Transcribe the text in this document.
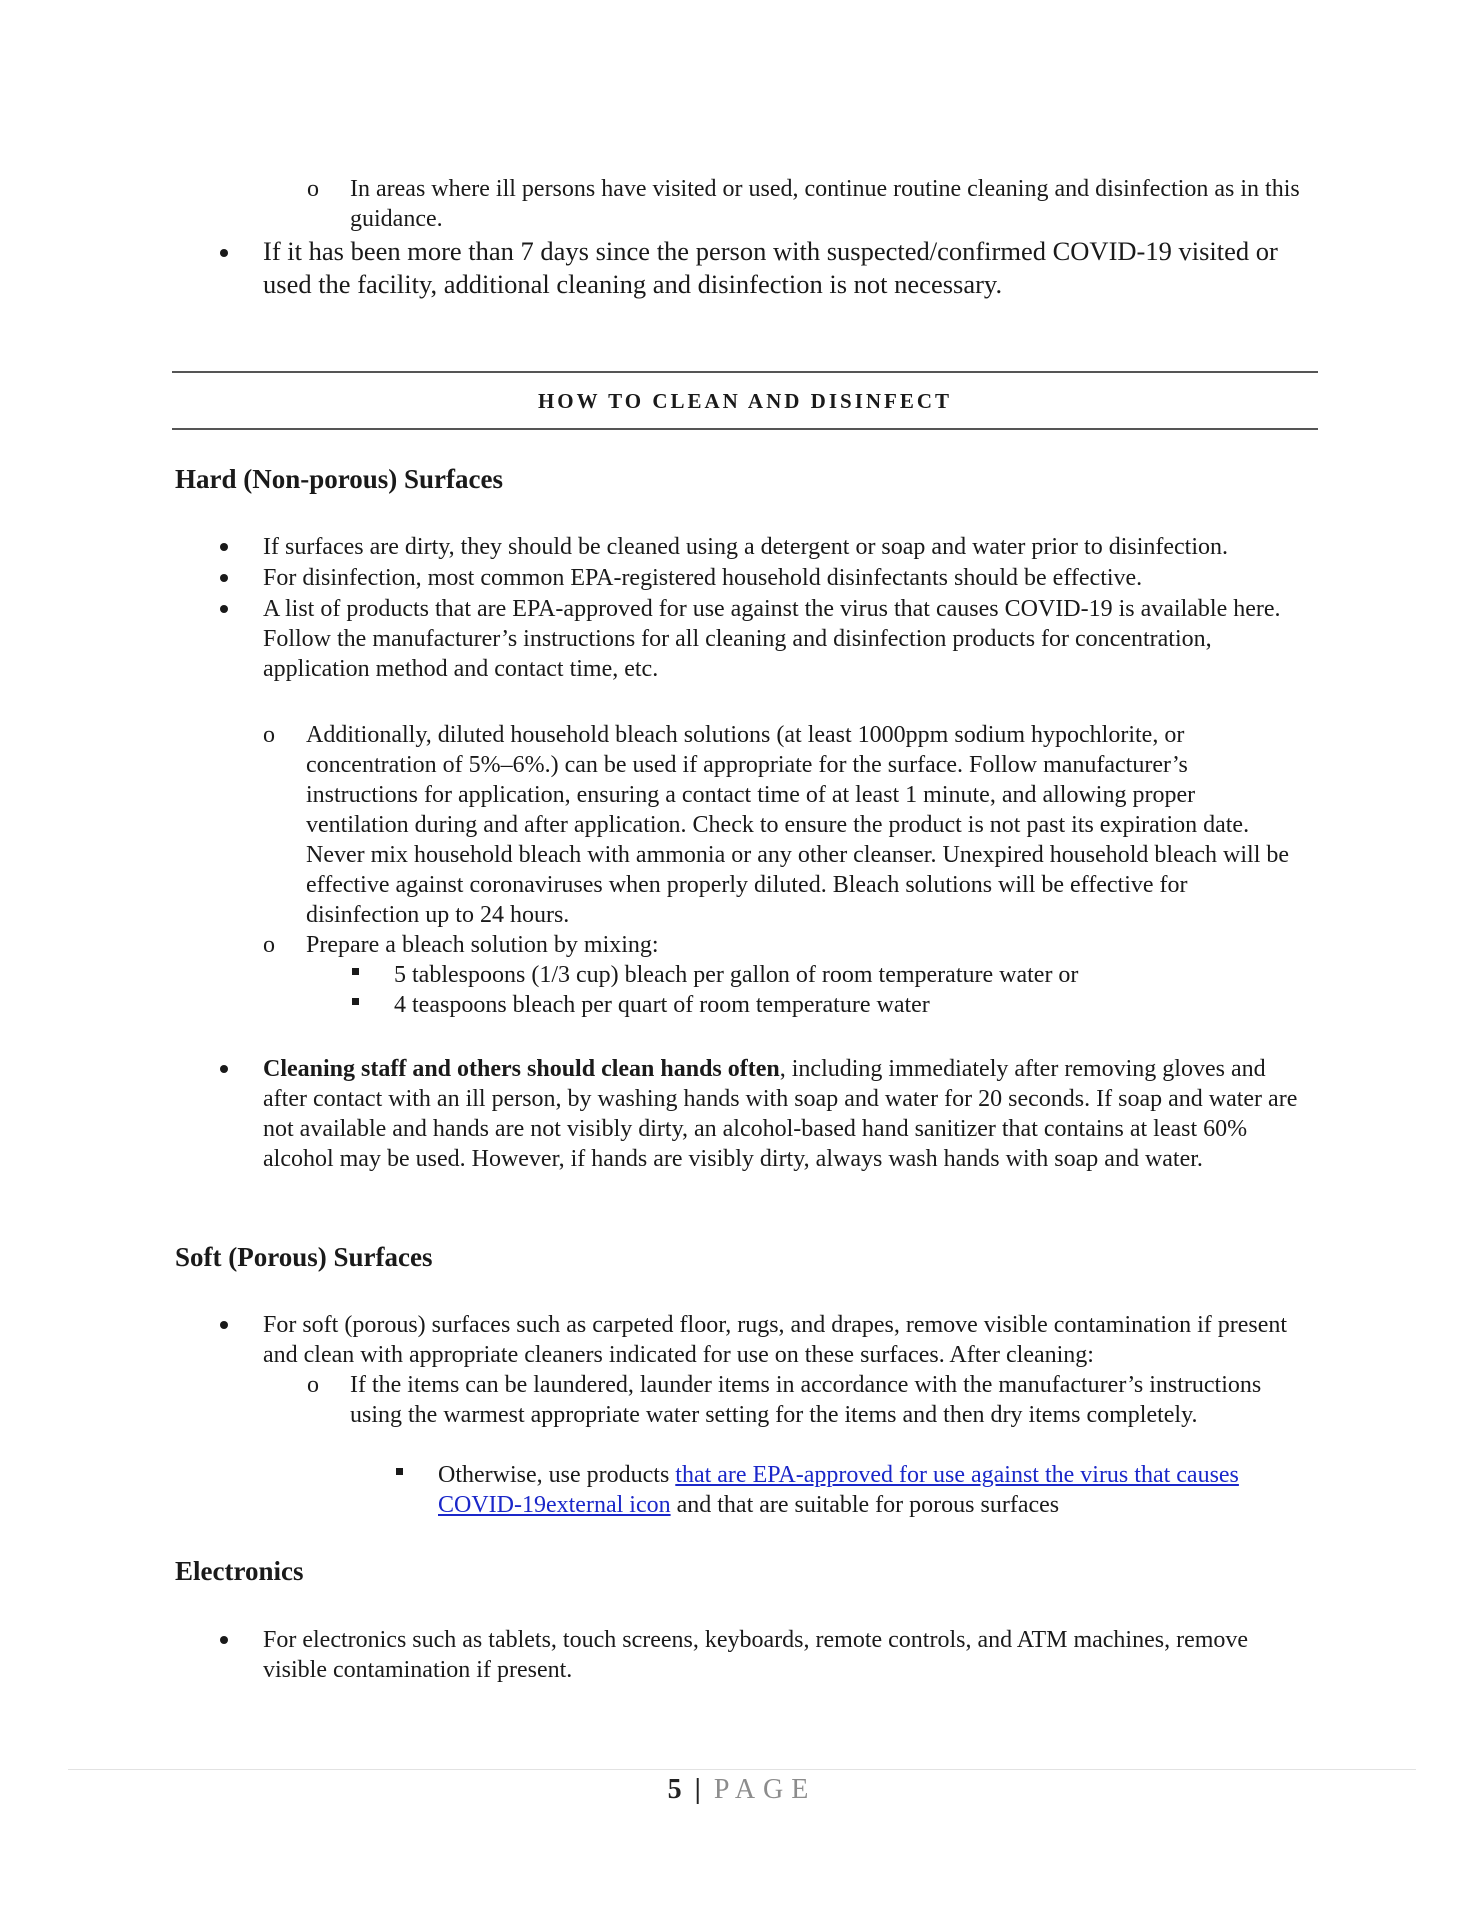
o In areas where ill persons have visited or used, continue routine cleaning and disinfection as in this guidance.
If it has been more than 7 days since the person with suspected/confirmed COVID-19 visited or used the facility, additional cleaning and disinfection is not necessary.
HOW TO CLEAN AND DISINFECT
Hard (Non-porous) Surfaces
If surfaces are dirty, they should be cleaned using a detergent or soap and water prior to disinfection.
For disinfection, most common EPA-registered household disinfectants should be effective.
A list of products that are EPA-approved for use against the virus that causes COVID-19 is available here. Follow the manufacturer’s instructions for all cleaning and disinfection products for concentration, application method and contact time, etc.
o Additionally, diluted household bleach solutions (at least 1000ppm sodium hypochlorite, or concentration of 5%–6%.) can be used if appropriate for the surface. Follow manufacturer’s instructions for application, ensuring a contact time of at least 1 minute, and allowing proper ventilation during and after application. Check to ensure the product is not past its expiration date. Never mix household bleach with ammonia or any other cleanser. Unexpired household bleach will be effective against coronaviruses when properly diluted. Bleach solutions will be effective for disinfection up to 24 hours.
o Prepare a bleach solution by mixing:
5 tablespoons (1/3 cup) bleach per gallon of room temperature water or
4 teaspoons bleach per quart of room temperature water
Cleaning staff and others should clean hands often, including immediately after removing gloves and after contact with an ill person, by washing hands with soap and water for 20 seconds. If soap and water are not available and hands are not visibly dirty, an alcohol-based hand sanitizer that contains at least 60% alcohol may be used. However, if hands are visibly dirty, always wash hands with soap and water.
Soft (Porous) Surfaces
For soft (porous) surfaces such as carpeted floor, rugs, and drapes, remove visible contamination if present and clean with appropriate cleaners indicated for use on these surfaces. After cleaning:
o If the items can be laundered, launder items in accordance with the manufacturer’s instructions using the warmest appropriate water setting for the items and then dry items completely.
Otherwise, use products that are EPA-approved for use against the virus that causes COVID-19external icon and that are suitable for porous surfaces
Electronics
For electronics such as tablets, touch screens, keyboards, remote controls, and ATM machines, remove visible contamination if present.
5 | PAGE
